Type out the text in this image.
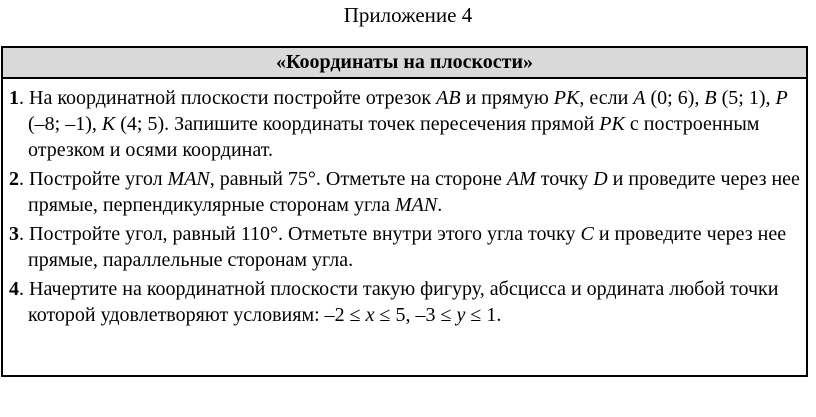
Приложение 4
«Координаты на плоскости»
1. На координатной плоскости постройте отрезок AB и прямую PK, если A (0; 6), B (5; 1), P (–8; –1), K (4; 5). Запишите координаты точек пересечения прямой PK с построенным отрезком и осями координат.
2. Постройте угол MAN, равный 75°. Отметьте на стороне AM точку D и проведите через нее прямые, перпендикулярные сторонам угла MAN.
3. Постройте угол, равный 110°. Отметьте внутри этого угла точку C и проведите через нее прямые, параллельные сторонам угла.
4. Начертите на координатной плоскости такую фигуру, абсцисса и ордината любой точки которой удовлетворяют условиям: –2 ≤ x ≤ 5, –3 ≤ y ≤ 1.
